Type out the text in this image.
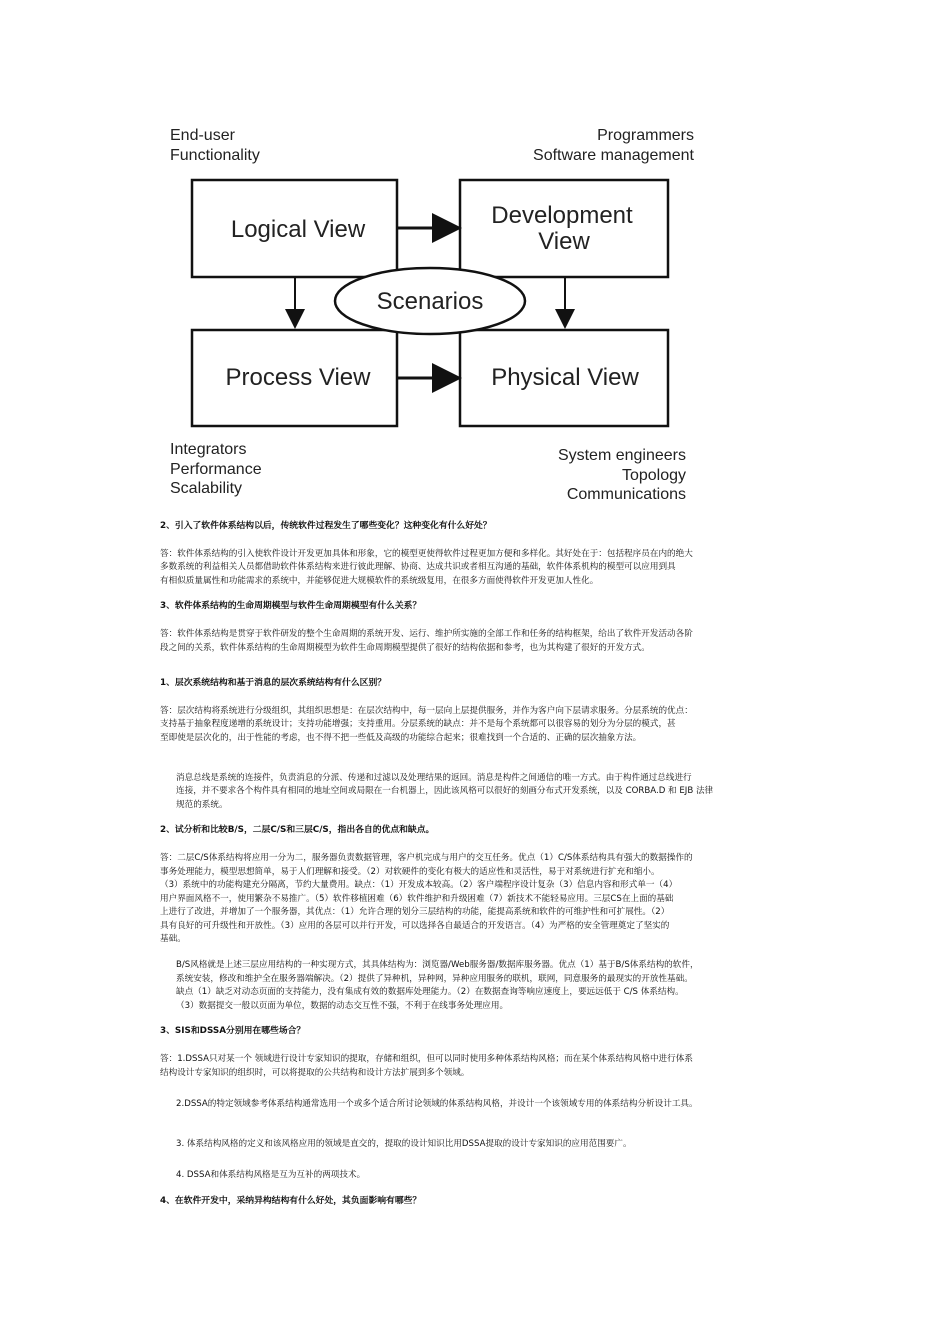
End-user
Functionality
Programmers
Software management
Logical View
Development
View
Process View	Physical View
Scenarios
Integrators
Performance
Scalability
System engineers
Topology
Communications

2、引入了软件体系结构以后，传统软件过程发生了哪些变化？这种变化有什么好处？

答：软件体系结构的引入使软件设计开发更加具体和形象，它的模型更使得软件过程更加方便和多样化。其好处在于：包括程序员在内的绝大
多数系统的利益相关人员都借助软件体系结构来进行彼此理解、协商、达成共识或者相互沟通的基础，软件体系机构的模型可以应用到具
有相似质量属性和功能需求的系统中，并能够促进大规模软件的系统级复用，在很多方面使得软件开发更加人性化。

3、软件体系结构的生命周期模型与软件生命周期模型有什么关系？

答：软件体系结构是贯穿于软件研发的整个生命周期的系统开发、运行、维护所实施的全部工作和任务的结构框架，给出了软件开发活动各阶
段之间的关系，软件体系结构的生命周期模型为软件生命周期模型提供了很好的结构依据和参考，也为其构建了很好的开发方式。

1、层次系统结构和基于消息的层次系统结构有什么区别？

答：层次结构将系统进行分级组织，其组织思想是：在层次结构中，每一层向上层提供服务，并作为客户向下层请求服务。分层系统的优点：
支持基于抽象程度递增的系统设计；支持功能增强；支持重用。分层系统的缺点：并不是每个系统都可以很容易的划分为分层的模式，甚
至即使是层次化的，出于性能的考虑，也不得不把一些低及高级的功能综合起来；很难找到一个合适的、正确的层次抽象方法。

消息总线是系统的连接件，负责消息的分派、传递和过滤以及处理结果的返回。消息是构件之间通信的唯一方式。由于构件通过总线进行
连接，并不要求各个构件具有相同的地址空间或局限在一台机器上，因此该风格可以很好的刻画分布式开发系统，以及 CORBA.D 和 EJB 法律
规范的系统。

2、试分析和比较B/S，二层C/S和三层C/S，指出各自的优点和缺点。

答：二层C/S体系结构将应用一分为二，服务器负责数据管理，客户机完成与用户的交互任务。优点（1）C/S体系结构具有强大的数据操作的
事务处理能力，模型思想简单，易于人们理解和接受。（2）对软硬件的变化有极大的适应性和灵活性，易于对系统进行扩充和缩小。
（3）系统中的功能构建充分隔离，节约大量费用。缺点：（1）开发成本较高。（2）客户端程序设计复杂（3）信息内容和形式单一（4）
用户界面风格不一，使用繁杂不易推广。（5）软件移植困难（6）软件维护和升级困难（7）新技术不能轻易应用。三层CS在上面的基础
上进行了改进，并增加了一个服务器，其优点：（1）允许合理的划分三层结构的功能，能提高系统和软件的可维护性和可扩展性。（2）
具有良好的可升级性和开放性。（3）应用的各层可以并行开发，可以选择各自最适合的开发语言。（4）为严格的安全管理奠定了坚实的
基础。

B/S风格就是上述三层应用结构的一种实现方式，其具体结构为：浏览器/Web服务器/数据库服务器。优点（1）基于B/S体系结构的软件，
系统安装，修改和维护全在服务器端解决。（2）提供了异种机，异种网，异种应用服务的联机，联网，同意服务的最现实的开放性基础。
缺点（1）缺乏对动态页面的支持能力，没有集成有效的数据库处理能力。（2）在数据查询等响应速度上，要远远低于 C/S 体系结构。
（3）数据提交一般以页面为单位，数据的动态交互性不强，不利于在线事务处理应用。

3、SIS和DSSA分别用在哪些场合？

答：1.DSSA只对某一个 领域进行设计专家知识的提取，存储和组织，但可以同时使用多种体系结构风格；而在某个体系结构风格中进行体系
结构设计专家知识的组织时，可以将提取的公共结构和设计方法扩展到多个领域。

2.DSSA的特定领域参考体系结构通常选用一个或多个适合所讨论领域的体系结构风格，并设计一个该领域专用的体系结构分析设计工具。

3. 体系结构风格的定义和该风格应用的领域是直交的，提取的设计知识比用DSSA提取的设计专家知识的应用范围要广。

4. DSSA和体系结构风格是互为互补的两项技术。

4、在软件开发中，采纳异构结构有什么好处，其负面影响有哪些？
